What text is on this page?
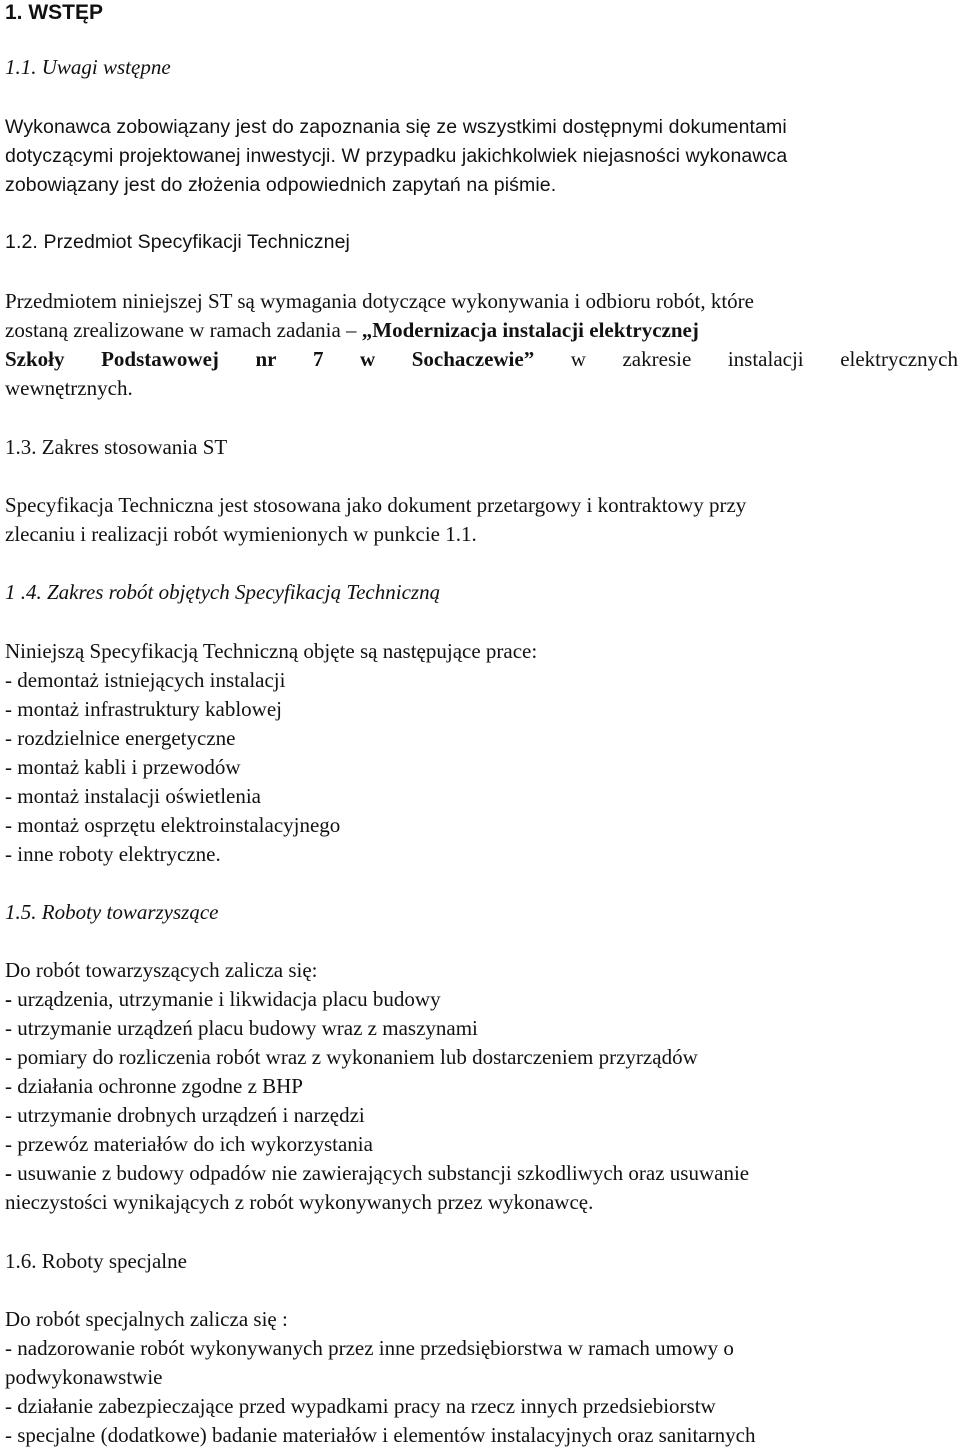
1. WSTĘP
1.1. Uwagi wstępne
Wykonawca zobowiązany jest do zapoznania się ze wszystkimi dostępnymi dokumentami
dotyczącymi projektowanej inwestycji. W przypadku jakichkolwiek niejasności wykonawca
zobowiązany jest do złożenia odpowiednich zapytań na piśmie.
1.2. Przedmiot Specyfikacji Technicznej
Przedmiotem niniejszej ST są wymagania dotyczące wykonywania i odbioru robót, które
zostaną zrealizowane w ramach zadania – „Modernizacja instalacji elektrycznej
Szkoły Podstawowej nr 7 w Sochaczewie” w zakresie instalacji elektrycznych
wewnętrznych.
1.3. Zakres stosowania ST
Specyfikacja Techniczna jest stosowana jako dokument przetargowy i kontraktowy przy
zlecaniu i realizacji robót wymienionych w punkcie 1.1.
1 .4. Zakres robót objętych Specyfikacją Techniczną
Niniejszą Specyfikacją Techniczną objęte są następujące prace:
- demontaż istniejących instalacji
- montaż infrastruktury kablowej
- rozdzielnice energetyczne
- montaż kabli i przewodów
- montaż instalacji oświetlenia
- montaż osprzętu elektroinstalacyjnego
- inne roboty elektryczne.
1.5. Roboty towarzyszące
Do robót towarzyszących zalicza się:
- urządzenia, utrzymanie i likwidacja placu budowy
- utrzymanie urządzeń placu budowy wraz z maszynami
- pomiary do rozliczenia robót wraz z wykonaniem lub dostarczeniem przyrządów
- działania ochronne zgodne z BHP
- utrzymanie drobnych urządzeń i narzędzi
- przewóz materiałów do ich wykorzystania
- usuwanie z budowy odpadów nie zawierających substancji szkodliwych oraz usuwanie
nieczystości wynikających z robót wykonywanych przez wykonawcę.
1.6. Roboty specjalne
Do robót specjalnych zalicza się :
- nadzorowanie robót wykonywanych przez inne przedsiębiorstwa w ramach umowy o
podwykonawstwie
- działanie zabezpieczające przed wypadkami pracy na rzecz innych przedsiebiorstw
- specjalne (dodatkowe) badanie materiałów i elementów instalacyjnych oraz sanitarnych
